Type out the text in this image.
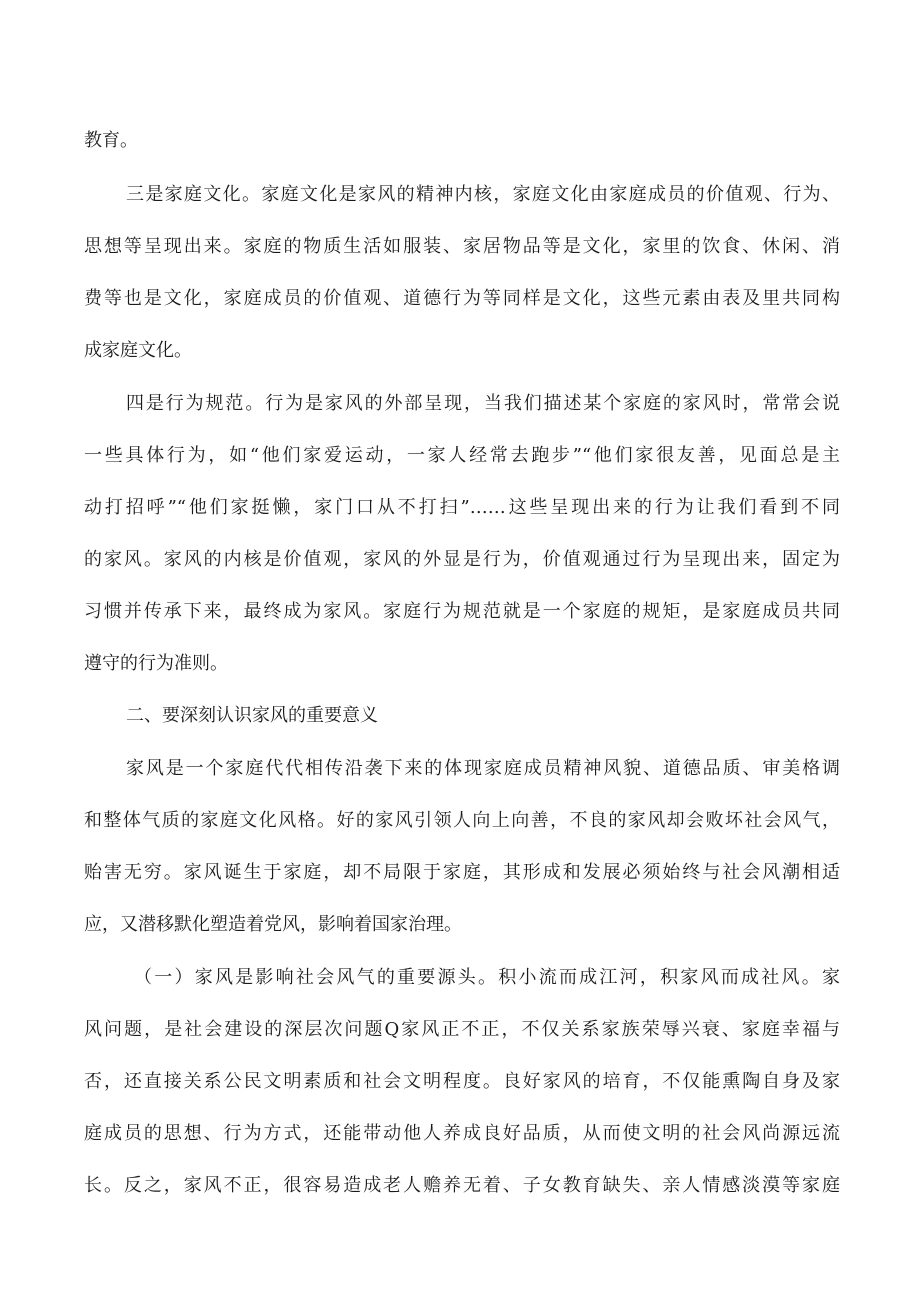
教育。

三是家庭文化。家庭文化是家风的精神内核，家庭文化由家庭成员的价值观、行为、

思想等呈现出来。家庭的物质生活如服装、家居物品等是文化，家里的饮食、休闲、消

费等也是文化，家庭成员的价值观、道德行为等同样是文化，这些元素由表及里共同构

成家庭文化。

四是行为规范。行为是家风的外部呈现，当我们描述某个家庭的家风时，常常会说

一些具体行为，如“他们家爱运动，一家人经常去跑步”“他们家很友善，见面总是主

动打招呼”“他们家挺懒，家门口从不打扫”……这些呈现出来的行为让我们看到不同

的家风。家风的内核是价值观，家风的外显是行为，价值观通过行为呈现出来，固定为

习惯并传承下来，最终成为家风。家庭行为规范就是一个家庭的规矩，是家庭成员共同

遵守的行为准则。

二、要深刻认识家风的重要意义

家风是一个家庭代代相传沿袭下来的体现家庭成员精神风貌、道德品质、审美格调

和整体气质的家庭文化风格。好的家风引领人向上向善，不良的家风却会败坏社会风气，

贻害无穷。家风诞生于家庭，却不局限于家庭，其形成和发展必须始终与社会风潮相适

应，又潜移默化塑造着党风，影响着国家治理。

（一）家风是影响社会风气的重要源头。积小流而成江河，积家风而成社风。家

风问题，是社会建设的深层次问题Q家风正不正，不仅关系家族荣辱兴衰、家庭幸福与

否，还直接关系公民文明素质和社会文明程度。良好家风的培育，不仅能熏陶自身及家

庭成员的思想、行为方式，还能带动他人养成良好品质，从而使文明的社会风尚源远流

长。反之，家风不正，很容易造成老人赡养无着、子女教育缺失、亲人情感淡漠等家庭
